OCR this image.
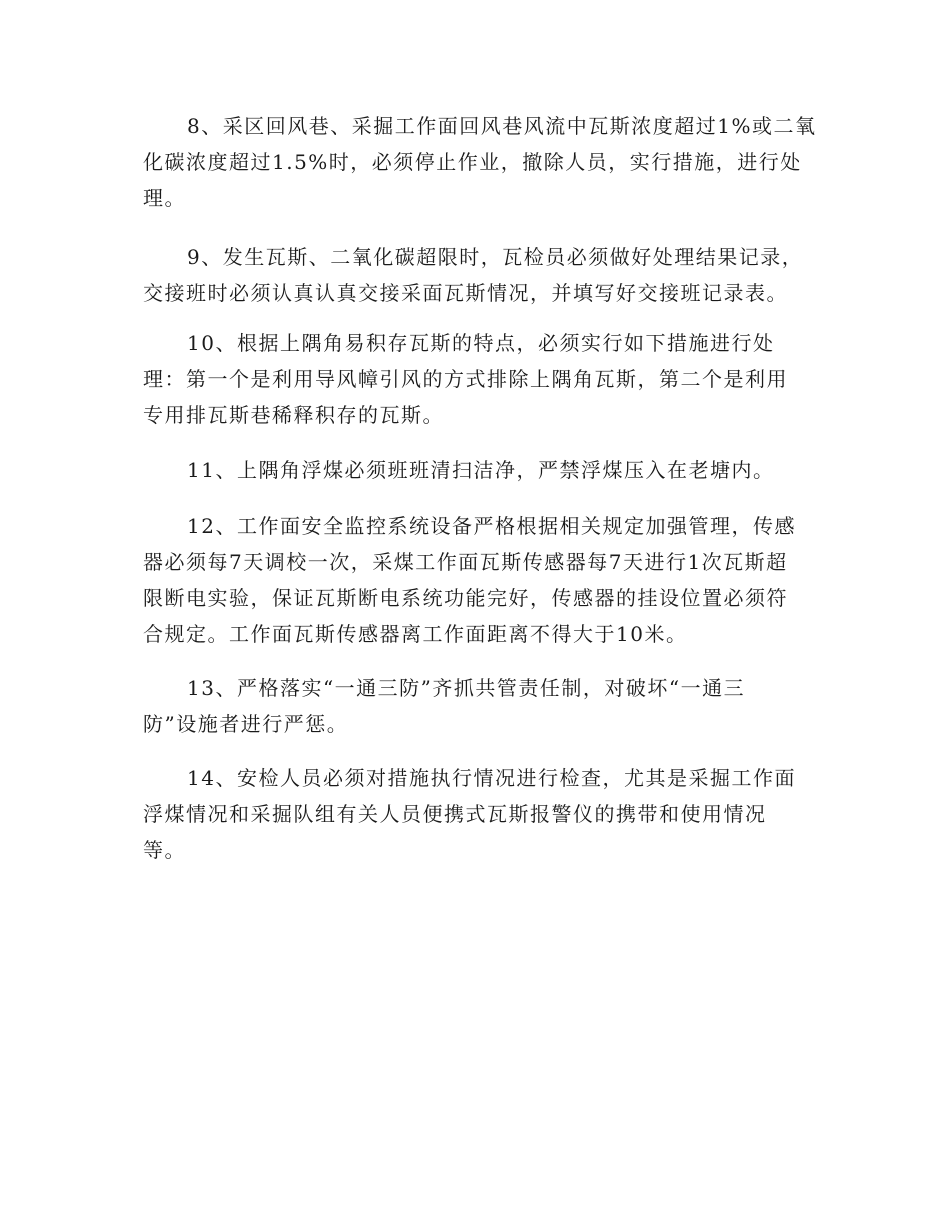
8、采区回风巷、采掘工作面回风巷风流中瓦斯浓度超过1%或二氧
化碳浓度超过1.5%时，必须停止作业，撤除人员，实行措施，进行处
理。
9、发生瓦斯、二氧化碳超限时，瓦检员必须做好处理结果记录，
交接班时必须认真认真交接采面瓦斯情况，并填写好交接班记录表。
10、根据上隅角易积存瓦斯的特点，必须实行如下措施进行处
理：第一个是利用导风幛引风的方式排除上隅角瓦斯，第二个是利用
专用排瓦斯巷稀释积存的瓦斯。
11、上隅角浮煤必须班班清扫洁净，严禁浮煤压入在老塘内。
12、工作面安全监控系统设备严格根据相关规定加强管理，传感
器必须每7天调校一次，采煤工作面瓦斯传感器每7天进行1次瓦斯超
限断电实验，保证瓦斯断电系统功能完好，传感器的挂设位置必须符
合规定。工作面瓦斯传感器离工作面距离不得大于10米。
13、严格落实“一通三防”齐抓共管责任制，对破坏“一通三
防”设施者进行严惩。
14、安检人员必须对措施执行情况进行检查，尤其是采掘工作面
浮煤情况和采掘队组有关人员便携式瓦斯报警仪的携带和使用情况
等。
